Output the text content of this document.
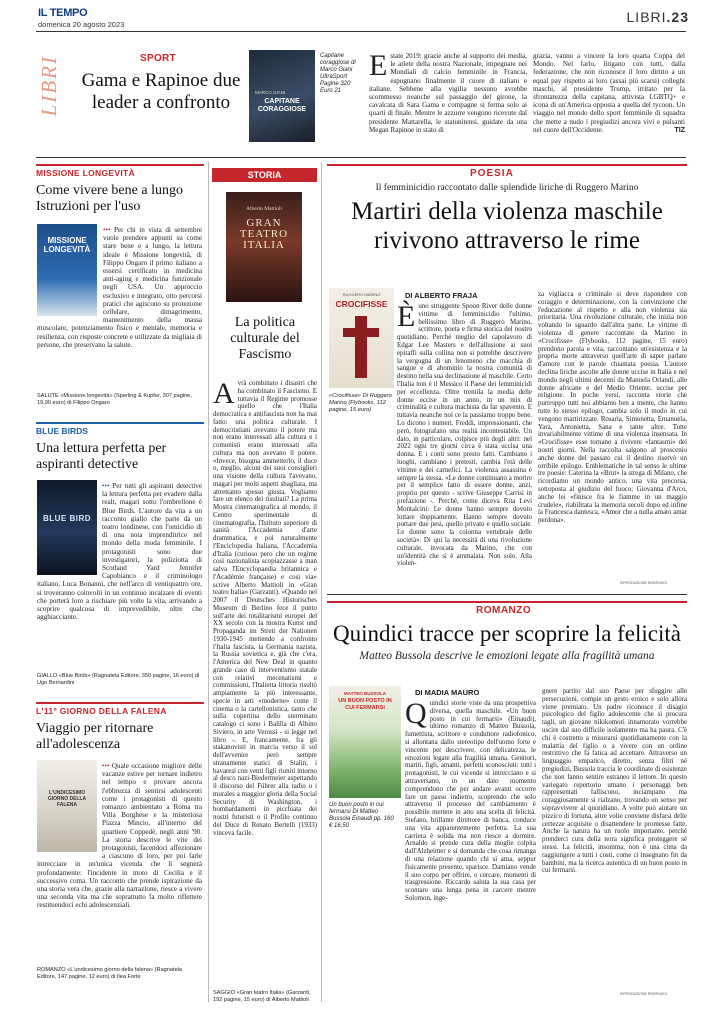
IL TEMPO
domenica 20 agosto 2023	LIBRI.23
LIBRI	SPORT
Gama e Rapinoe due leader a confronto	MARCO GIANI
CAPITANE CORAGGIOSE
Capitane coraggiose di Marco Giani UltraSport Pagine 320 Euro 21
Estate 2019: grazie anche al supporto dei media, le atlete della nostra Nazionale, impegnate nei Mondiali di calcio femminile in Francia, espugnano finalmente il cuore di italiani e italiane. Sebbene alla vigilia nessuno avrebbe scommesso neanche sul passaggio del girone, la cavalcata di Sara Gama e compagne si ferma solo ai quarti di finale. Mentre le azzurre vengono ricevute dal presidente Mattarella, le statunitensi, guidate da una Megan Rapinoe in stato di
grazia, vanno a vincere la loro quarta Coppa del Mondo. Nel farlo, litigano con tutti, dalla federazione, che non riconosce il loro diritto a un equal pay rispetto ai loro (assai più scarsi) colleghi maschi, al presidente Trump, irritato per la sfrontatezza della capitana, attivista LGBTQ+ e icona di un'America opposta a quella del tycoon. Un viaggio nel mondo dello sport femminile di squadra che mette a nudo i pregiudizi ancora vivi e pulsanti nel cuore dell'Occidente.	TIZ
MISSIONE LONGEVITÀ
Come vivere bene a lungo Istruzioni per l'uso
MISSIONE LONGEVITÀ
••• Per chi in vista di settembre vuole prendere appunti su come stare bene e a lungo, la lettura ideale è Missione longevità, di Filippo Ongaro il primo italiano a essersi certificato in medicina anti-aging e medicina funzionale negli USA. Un approccio esclusivo e integrato, otto percorsi pratici che agiscono su protezione cellulare, dimagrimento, mantenimento della massa muscolare, potenziamento fisico e mentale, memoria e resilienza, con risposte concrete e utilizzate da migliaia di persone, che preservano la salute.
SALUTE «Missione longevità» (Sperling & Kupfer, 307 pagine, 19,90 euro) di Filippo Ongaro
BLUE BIRDS
Una lettura perfetta per aspiranti detective
BLUE BIRD
••• Per tutti gli aspiranti detective la lettura perfetta per evadere dalla realt, magari sotto l'ombrellone è Blue Birds. L'autore da vita a un racconto giallo che parte da un teatro londinese, con l'omicidio di di una nota imprenditrice nel mondo della moda femminile. I protagonisti sono due investigatori, la poliziotta di Scotland Yard Jennifer Capobianco e il criminologo italiano, Luca Bonanni, che nell'arco di ventiquattro ore, si troveranno coinvolti in un continuo incalzare di eventi che porterà loro a rischiare più volte la vita, arrivando a scoprire qualcosa di imprevedibile, oltre che agghiacciante.
GIALLO «Blue Birds» (Ragnatela Editore, 350 pagine, 16 euro) di Ugo Bernardini
L'11° GIORNO DELLA FALENA
Viaggio per ritornare all'adolescenza
L'UNDICESIMO GIORNO DELLA FALENA
••• Quale occasione migliore delle vacanze estive per tornare indietro nel tempo e provare ancora l'ebbrezza di sentirsi adolescenti come i protagonisti di questo romanzo ambientato a Roma tra Villa Borghese e la misteriosa Piazza Mincio, all'interno del quartiere Coppedè, negli anni '90. La storia descrive le vite dei protagonisti, facendoci affezionare a ciascuno di loro, per poi farle intrecciare in un'unica vicenda che li segnerà profondamente: l'incidente in moto di Cecilia e il successivo coma. Un racconto che prende ispirazione da una storia vera che, grazie alla narrazione, riesce a vivere una seconda vita ma che soprattutto fa molto riflettere restituendoci echi adolescenziali.
ROMANZO «L'undicesimo giorno della falena» (Ragnatela Editore, 147 pagine, 12 euro) di Ilea Forte
STORIA
Alberto Mattioli
GRAN TEATRO ITALIA
La politica culturale del Fascismo
Avrà combinato i disastri che ha combinato il Fascismo. E tuttavia il Regime promosse quello che l'Italia democratica e antifascista non ha mai fatto: una politica culturale. I democristiani avevano il potere ma non erano interessati alla cultura e i comunisti erano interessati alla cultura ma non avevano il potere. «Invece, bisogna ammetterlo, il duce o, meglio, alcuni dei suoi consiglieri una visione della cultura l'avevano, magari per molti aspetti sbagliata, ma attrettanto spesso giusta. Vogliamo fare un elenco dei risultati? La prima Mostra cinematografica al mondo, il Centro sperimentale di cinematografia, l'Istituto superiore di sanità l'Accademia d'arte drammatica, e poi naturalmente l'Enciclopedia Italiana, l'Accademia d'Italia (curioso pero che un regime così nazionalista scopiazzasse a man salva l'Encyclopaedia britannica e l'Académie française) e così via» scrive Alberto Mattioli in «Gran teatro Italia» (Garzanti). «Quando nel 2007 il Deutsches Historisches Museum di Berlino fece il punto sull'arte dei totalitarismi europei del XX secolo con la mostra Kunst und Propaganda im Streit der Nationen 1930-1945 mettendo a confronto l'Italia fascista, la Germania nazista, la Russia sovietica e, già che c'era, l'America del New Deal in quanto grande caso di interventismo statale con relativi mecenatismi e commissioni, l'Italietta littoria risultò ampiamente la più interessante, specie in arti «moderne» come il cinema o la cartellonistica, tanto che sulla copertina dello sterminato catalogo ci sono i Balilla di Albino Siviero, in arte Verossi - si legge nel libro -. E, francamente, fra gli stakanovisti in marcia verso il sol dell'avvenire però sempre stranamente statici di Stalin, i bavaresi con venti figli riuniti intorno al desco nazi-Biedermeier aspettando il discorso del Führer alla radio o i murales a maggior gloria della Social Security di Washington, i bombardamenti in picchiata dei nostri futuristi o il Profilo continuo del Duce di Renato Bertelli (1933) vinceva facile.
SAGGIO «Gran teatro Italia» (Garzanti, 192 pagine, 15 euro) di Alberto Mattioli
POESIA
Il femminicidio raccontato dalle splendide liriche di Ruggero Marino
Martiri della violenza maschile rivivono attraverso le rime
RUGGERO MARINO
CROCIFISSE
«Crocifisse» Di Ruggero Marino (Flybooks, 112 pagine, 15 euro)
DI ALBERTO FRAJA
È uno struggente Spoon River delle donne vittime di femminicidio l'ultimo, bellissimo libro di Ruggero Marino, scrittore, poeta e firma storica del nostro quotidiano. Perché meglio del capolavoro di Edgar Lee Masters e dell'allusione ai suoi epitaffi sulla collina non si potrebbe descrivere la vergogna di un fenomeno che macchia di sangue e di abominio la nostra comunità di destino nella sua declinazione al maschile. Certo l'Italia non è il Messico il Paese dei femminicidi per eccellenza. Oltre trentila la media delle donne uccise in un anno, in un mix di criminalità e cultura machista da far spavento. E tuttavia neanche noi ce la passiamo troppo bene. Lo dicono i numeri. Freddi, impressionanti, che però, fotografano una realtà incontestabile. Un dato, in particolare, colpisce più degli altri: nel 2022 ogni tre giorni circa è stata uccisa una donna. E i conti sono presto fatti. Cambiano i luoghi, cambiano i pretesti, cambia l'età delle vittime e dei carnefici. La violenza assassina è sempre la stessa. «Le donne continuano a morire per il semplice fatto di essere donne, anzi, proprio per questo - scrive Giuseppe Carrisi in prefazione -. Perché, come diceva Rita Levi Montalcini: Le donne hanno sempre dovuto lottare doppiamente. Hanno sempre dovuto portare due pesi, quello privato e quello sociale. Le donne sono la colonna vertebrale delle società». Di qui la necessità di una rivoluzione culturale, invocata da Marino, che con un'identità che si è ammalata. Non solo. Alla violen-
za vigliacca e criminale si deve rispondere con coraggio e determinazione, con la convinzione che l'educazione al rispetto e alla non violenza sia prioritaria. Una rivoluzione culturale, che inizia non voltando lo sguardo dall'altra parte. Le vittime di violenza di genere raccontate da Marino in «Crocifisse» (Flybooks, 112 pagine, 15 euro) prendono parola e vita, raccontano un'esistenza e la propria morte attraverso quell'arte di saper parlare d'amore con le parole chiamata poesia. L'autore declina liriche ascolte alle donne uccise in Italia e nel mondo negli ultimi decenni da Manuela Orlandi, alle donne africane e del Medio Oriente, uccise per religione. In poche versi, racconta storie che purtroppo tutti noi abbiamo ben a mente, che hanno tutte lo stesso epilogo, cambia solo il modo in cui vengono martirizzate. Rosaria, Simonetta, Emanuela, Yara, Antonietta, Sana e tante altre. Tutte invariabilmente vittime di una violenza insensata. In «Crocifisse» esse tornano a rivivere «fantasmi» dei nostri giorni. Nella raccolta salgono al proscenio anche donne del passato cui il destino riservò un orribile epilogo. Emblematiche in tal senso le ultime tre poesie: Caterina la «Brut» la strega di Milano, che ricordiamo un mondo antico, una vita precorsa, sottoposta al giudizio del fuoco; Giovanna d'Arco, anche lei «finisce fra le fiamme in un maggio crudele», riabilitata la memoria secoli dopo ed infine la Francesca dantesca, «Amor che a nulla amato amar perdona».
RIPRODUZIONE RISERVATA
ROMANZO
Quindici tracce per scoprire la felicità
Matteo Bussola descrive le emozioni legate alla fragilità umana
MATTEO BUSSOLA
UN BUON POSTO IN CUI FERMARSI
Un buon posto in cui fermarsi Di Matteo Bussola Einaudi pp. 160 € 16,50
DI MADIA MAURO
Quindici storie viste da una prospettiva diversa, quella maschile. «Un buon posto in cui fermarsi» (Einaudi), ultimo romanzo di Matteo Bussola, fumettista, scrittore e conduttore radiofonico, si allontana dallo stereotipo dell'uomo forte e vincente per descrivere, con delicatezza, le emozioni legate alla fragilità umana. Genitori, mariti, figli, amanti, perfetti sconosciuti: tutti i protagonisti, le cui vicende si intrecciano e si attraversano, in un dato momento comprendono che per andare avanti occorre fare un passo indietro, scoprendo che solo attraverso il processo del cambiamento è possibile mettere in atto una scelta di felicità. Stefano, brillante direttore di banca, conduce una vita apparentemente perfetta. La sua carriera è solida ma non riesce a dormire. Arnaldo si prende cura della moglie colpita dall'Alzheimer e si domanda che cosa rimanga di una relazione quando chi si ama, seppur fisicamente presente, sparisce. Damiano vende il suo corpo per offrire, o cercare, momenti di trasgressione. Riccardo saluta la sua casa per scontare una lunga pena in carcere mentre Solomon, inge-
gnere partito dal suo Paese per sfuggire alle persecuzioni, compie un gesto eroico e solo allora viene premiato. Un padre riconosce il disagio psicologico del figlio adolescente che si procura tagli, un giovane nikikomori innamorato vorrebbe uscire dal suo difficile isolamento ma ha paura. C'è chi è costretto a misurarsi quotidianamente con la malattia del figlio o a vivere con un ordine restrittivo che fa fatica ad accettare. Attraverso un linguaggio empatico, diretto, senza filtri né pregiudizi, Bussola traccia le coordinate di esistenze che non fanno sentire estraneo il lettore. In questo variegato repertorio umano i personaggi ben rappresentati falliscono, inciampano ma coraggiosamente si rialzano, trovando un senso per sopravvivere al quotidiano. A volte può aiutare un pizzico di fortuna, altre volte conviene disfarsi delle certezze acquisite o disattendere le promesse fatte. Anche la natura ha un ruolo importante, perché prenderci cura della terra significa proteggere sé stessi. La felicità, insomma, non è una cima da raggiungere a tutti i costi, come ci insegnano fin da bambini, ma la ricerca autentica di un buon posto in cui fermarsi.
RIPRODUZIONE RISERVATA
